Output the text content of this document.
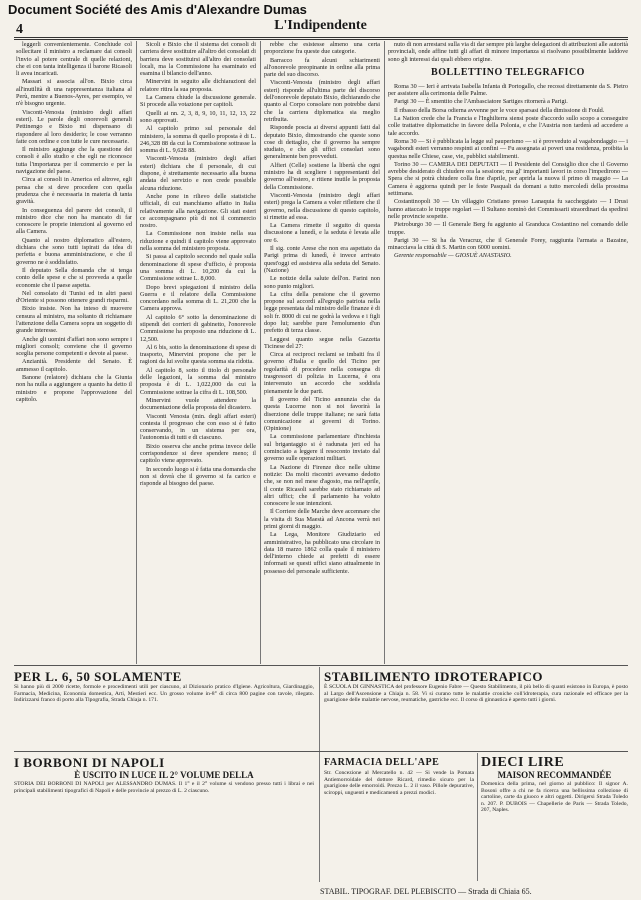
Document Société des Amis d'Alexandre Dumas
4	L'Indipendente

leggerli convenientemente. Conchiude col sollecitare il ministro a reclamare dai consoli l'invio al potere centrale di quelle relazioni, che ei con tanta intelligenza il barone Ricasoli li avea incaricati.

Massari si associa all'on. Bixio circa all'inutilità di una rappresentanza italiana al Perù, mentre a Buenos-Ayres, per esempio, ve n'è bisogno urgente.

Visconti-Venosta (ministro degli affari esteri). Le parole degli onorevoli generali Pettinengo e Bixio mi dispensano di rispondere al loro desiderio; le cose verranno fatte con ordine e con tutte le cure necessarie.

Il ministro aggiunge che la questione dei consoli è allo studio e che egli ne riconosce tutta l'importanza per il commercio e per la navigazione del paese.

Circa ai consoli in America ed altrove, egli pensa che si deve procedere con quella prudenza che è necessaria in materia di tanta gravità.

In conseguenza del parere dei consoli, il ministro dice che non ha mancato di far conoscere le proprie intenzioni al governo ed alla Camera.

Quanto al nostro diplomatico all'estero, dichiara che sono tutti ispirati da idea di perfetta e buona amministrazione, e che il governo ne è soddisfatto.

Il deputato Sella domanda che si tenga conto delle spese e che si provveda a quelle economie che il paese aspetta.

Nel consolato di Tunisi ed in altri paesi d'Oriente si possono ottenere grandi risparmi.

Bixio insiste. Non ha inteso di muovere censura al ministro, ma soltanto di richiamare l'attenzione della Camera sopra un soggetto di grande interesse.

Anche gli uomini d'affari non sono sempre i migliori consoli; conviene che il governo sceglia persone competenti e devote al paese.

Anzianità. Presidente del Senato. È ammesso il capitolo.

Banone (relatore) dichiara che la Giunta non ha nulla a aggiungere a quanto ha detto il ministro e propone l'approvazione del capitolo.

Sicoli e Bixio che il sistema dei consoli di carriera deve sostituire all'altro dei consolati di barriera deve sostituirsi all'altro dei consolati locali, ma la Commissione ha esaminato ed esamina il bilancio dell'anno.

Minervini in seguito alle dichiarazioni del relatore ritira la sua proposta.

La Camera chiude la discussione generale. Si procede alla votazione per capitoli.

Quelli ai nn. 2, 3, 8, 9, 10, 11, 12, 13, 22 sono approvati.

Al capitolo primo sul personale del ministero, la somma di quello proposta è di L. 246,328 88 da cui la Commissione sottrasse la somma di L. 9,628 88.

Visconti-Venosta (ministro degli affari esteri) dichiara che il personale, di cui dispone, è strettamente necessario alla buona andata del servizio e non crede possibile alcuna riduzione.

Anche pone in rilievo delle statistiche ufficiali, di cui manchiamo affatto in Italia relativamente alla navigazione. Gli stati esteri ce accompagnano più di noi il commercio nostro.

La Commissione non insiste nella sua riduzione e quindi il capitolo viene approvato nella somma del ministero proposta.

Si passa al capitolo secondo nel quale sulla denominazione di spese d'ufficio, è proposta una somma di L. 10,200 da cui la Commissione sottrae L. 8,000.

Dopo brevi spiegazioni il ministro della Guerra e il relatore della Commissione concordano nella somma di L. 21,200 che la Camera approva.

Al capitolo 6° sotto la denominazione di stipendi dei corrieri di gabinetto, l'onorevole Commissione ha proposto una riduzione di L. 12,500.

Al 6 bis, sotto la denominazione di spese di trasporto, Minervini propone che per le ragioni da lui svolte questa somma sia ridotta.

Al capitolo 8, sotto il titolo di personale delle legazioni, la somma dal ministro proposta è di L. 1,022,000 da cui la Commissione sottrae la cifra di L. 108,500.

Minervini vuole attendere la documentazione della proposta del dicastero.

Visconti Venosta (min. degli affari esteri) contesta il progresso che con esso si è fatto conservando, in un sistema per ora, l'autonomia di tutti e di ciascuno.

Bixio osserva che anche prima invece delle corrispondenze si deve spendere meno; il capitolo viene approvato.

In secondo luogo si è fatta una domanda che non si dovrà che il governo si fa carico e risponde al bisogno del paese.

rebbe che esistesse almeno una certa proporzione fra queste due categorie.

Barracco fa alcuni schiarimenti all'onorevole preopinante in ordine alla prima parte del suo discorso.

Visconti-Venosta (ministro degli affari esteri) risponde all'ultima parte del discorso dell'onorevole deputato Bixio, dichiarando che quanto al Corpo consolare non potrebbe darsi che la carriera diplomatica sia meglio retribuita.

Risponde poscia ai diversi appunti fatti dal deputato Bixio, dimostrando che queste sono cose di dettaglio, che il governo ha sempre studiato, e che gli uffici consolari sono generalmente ben provveduti.

Alfieri (Celle) sostiene la libertà che ogni ministro ha di scegliere i rappresentanti del governo all'estero, e ritiene inutile la proposta della Commissione.

Visconti-Venosta (ministro degli affari esteri) prega la Camera a voler riflettere che il governo, nella discussione di questo capitolo, si rimette ad essa.

La Camera rimette il seguito di questa discussione a lunedì, e la seduta è levata alle ore 6.

Il sig. conte Arese che non era aspettato da Parigi prima di lunedì, è invece arrivato quest'oggi ed assisteva alla seduta del Senato. (Nazione)

Le notizie della salute dell'on. Farini non sono punto migliori.

La cifra della pensione che il governo propone sul accordi all'egregio patriota nella legge presentata dal ministro delle finanze è di soli fr. 8000 di cui ne godrà la vedova e i figli dopo lui; sarebbe pure l'emolumento d'un prefetto di terza classe.

Leggesi quanto segue nella Gazzetta Ticinese del 27:

Circa ai reciproci reclami se imbaiti fra il governo d'Italia e quello del Ticino per regolarità di procedere nella consegna di trasgressori di polizia in Lucerna, è ora intervenuto un accordo che soddisfa pienamente le due parti.

Il governo del Ticino annunzia che da questa Lucerne non si noi favorirà la diserzione delle truppe italiane; ne sarà fatta comunicazione ai governi di Torino. (Opinione)

La commissione parlamentare d'inchiesta sul brigantaggio si è radunata jeri ed ha cominciato a leggere il resoconto inviato dal governo sulle operazioni militari.

La Nazione di Firenze dice nelle ultime notizie: Da molti riscontri avevamo dedotto che, se non nel mese d'agosto, ma nell'aprile, il conte Ricasoli sarebbe stato richiamato ad altri uffici; che il parlamento ha voluto conoscere le sue intenzioni.

Il Corriere delle Marche deve accennare che la visita di Sua Maestà ad Ancona verrà nei primi giorni di maggio.

La Lega, Monitore Giudiziario ed amministrativo, ha pubblicato una circolare in data 18 marzo 1862 colla quale il ministero dell'interno chiede ai prefetti di essere informati se questi uffici siano attualmente in possesso del personale sufficiente.

nuto di non arrestarsi sulla via di dar sempre più larghe delegazioni di attribuzioni alle autorità provinciali, onde affine tutti gli affari di minore importanza si risolvano possibilmente laddove sono gli interessi dai quali ebbero origine.

BOLLETTINO TELEGRAFICO

Roma 30 — Ieri è arrivata Isabella Infanta di Portogallo, che recossi direttamente da S. Pietro per assistere alla cerimonia delle Palme.

Parigi 30 — È smentito che l'Ambasciatore Sartiges ritornerà a Parigi.

Il ribasso della Borsa odierna avvenne per le voce sparsasi della dimissione di Fould.

La Nation crede che la Francia e l'Inghilterra siensi poste d'accordo sullo scopo a conseguire colle trattative diplomatiche in favore della Polonia, e che l'Austria non tarderà ad accedere a tale accordo.

Roma 30 — Si è pubblicata la legge sul pauperismo — si è provveduto al vagabondaggio — i vagabondi esteri verranno respinti ai confini — Fu assegnata ai poveri una residenza, proibita la questua nelle Chiese, case, vie, pubblici stabilimenti.

Torino 30 — CAMERA DEI DEPUTATI — Il Presidente del Consiglio dice che il Governo avrebbe desiderato di chiudere ora la sessione; ma gl' importanti lavori in corso l'impedirono — Spera che si potrà chiudere colla fine d'aprile, per aprirla la nuova il primo di maggio — La Camera è aggiorna quindi per le feste Pasquali da domani a tutto mercoledì della prossima settimana.

Costantinopoli 30 — Un villaggio Cristiano presso Lanaquia fu saccheggiato — I Drusi hanno attaccato le truppe regolari — Il Sultano nominò dei Commissarii straordinari da spedirsi nelle provincie sospette.

Pietroburgo 30 — Il Generale Berg fu aggiunto al Granduca Costantino nel comando delle truppe.

Parigi 30 — Si ha da Veracruz, che il Generale Forey, raggiunta l'armata a Bazaine, minacciava la città di S. Martin con 6000 uomini.

Gerente responsabile — GIOSUÈ ANASTASIO.

PER L. 6, 50 SOLAMENTE
Si hanno più di 2000 ricette, formole e procedimenti utili per ciascuno, al Dizionario pratico d'Igiene. Agricoltura, Giardinaggio, Farmacia, Medicina, Economia domestica, Arti, Mestieri ecc. Un grosso volume in-8° di circa 800 pagine con tavole, rilegato. Indirizzarsi franco di porto alla Tipografia, Strada Chiaja n. 171.
STABILIMENTO IDROTERAPICO
È SCUOLA DI GINNASTICA del professore Eugenio Fabre — Questo Stabilimento, il più bello di quanti esistono in Europa, è posto al Largo dell'Ascensione a Chiaja n. 58. Vi si curano tutte le malattie croniche coll'idroterapia, cura razionale ed efficace per la guarigione delle malattie nervose, reumatiche, gastriche ecc. Il corso di ginnastica è aperto tutti i giorni.
I BORBONI DI NAPOLI
È USCITO IN LUCE IL 2° VOLUME DELLA
STORIA DEI BORBONI DI NAPOLI per ALESSANDRO DUMAS. Il 1° e il 2° volume si vendono presso tutti i librai e nei principali stabilimenti tipografici di Napoli e delle provincie al prezzo di L. 2 ciascuno.
FARMACIA DELL'APE
Str. Concezione al Mercatello n. 42 — Si vende la Pomata Antiemorroidale del dottore Ricard, rimedio sicuro per la guarigione delle emorroidi. Prezzo L. 2 il vaso. Pillole depurative, sciroppi, unguenti e medicamenti a prezzi modici.
DIECI LIRE
MAISON RECOMMANDÉE
Domenica della prima, nel giorno al pubblico: Il signor A. Bosoni offre a chi ne fa ricerca una bellissima collezione di cartoline, carte da giuoco e altri oggetti. Dirigersi Strada Toledo n. 207. P. DUBOIS — Chapellerie de Paris — Strada Toledo, 207, Naples.
STABIL. TIPOGRAF. DEL PLEBISCITO — Strada di Chiaia 65.
